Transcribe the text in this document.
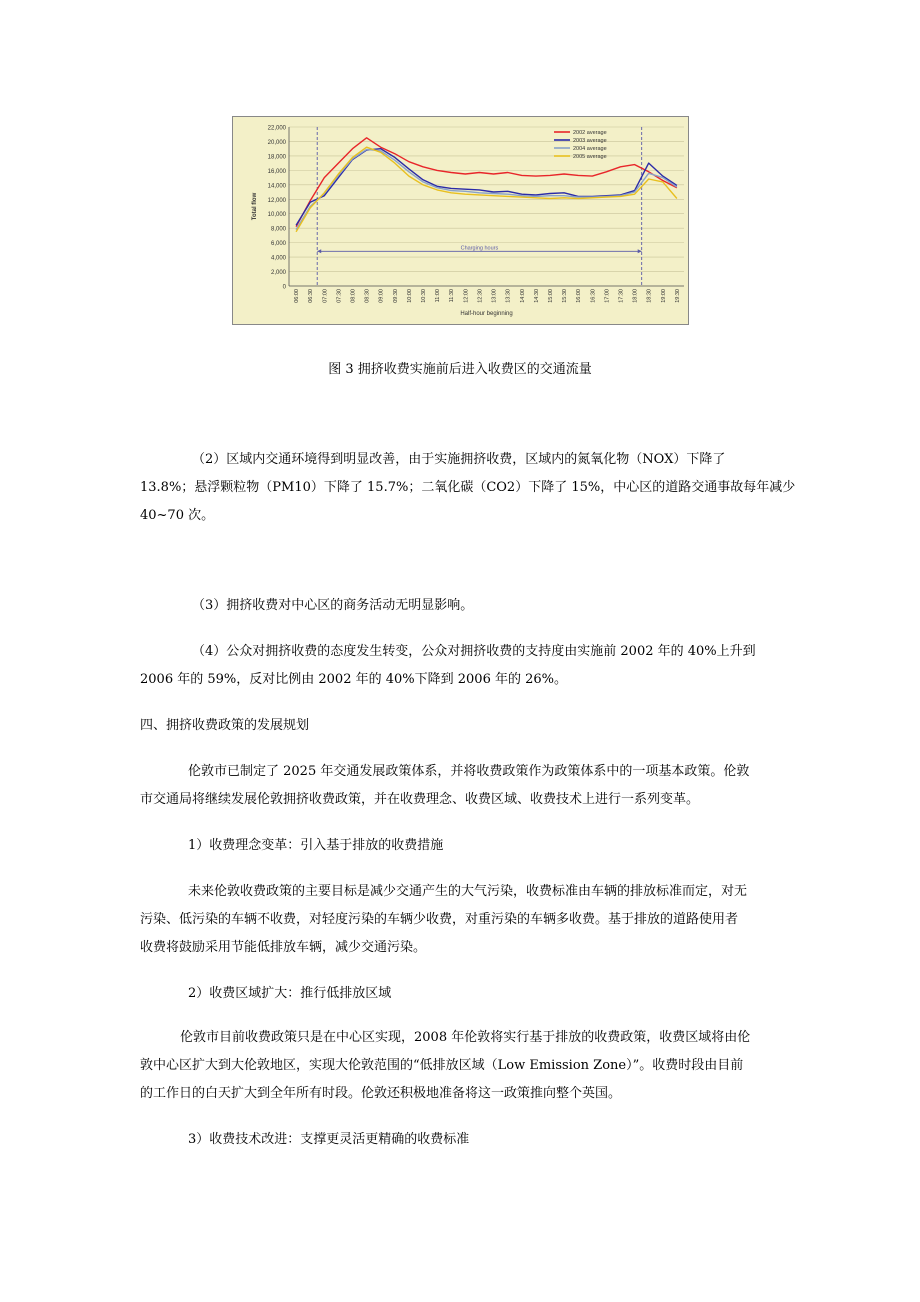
0
2,000
4,000
6,000
8,000
10,000
12,000
14,000
16,000
18,000
20,000
22,000
06:00 06:30 07:00 07:30 08:00 08:30 09:00 09:30 10:00 10:30 11:00 11:30 12:00 12:30 13:00 13:30 14:00 14:30 15:00 15:30 16:00 16:30 17:00 17:30 18:00 18:30 19:00 19:30
Total flow
Half-hour beginning
Charging hours
2002 average
2003 average
2004 average
2005 average
图 3 拥挤收费实施前后进入收费区的交通流量
（2）区域内交通环境得到明显改善，由于实施拥挤收费，区域内的氮氧化物（NOX）下降了
13.8%；悬浮颗粒物（PM10）下降了 15.7%；二氧化碳（CO2）下降了 15%，中心区的道路交通事故每年减少
40~70 次。
（3）拥挤收费对中心区的商务活动无明显影响。
（4）公众对拥挤收费的态度发生转变，公众对拥挤收费的支持度由实施前 2002 年的 40%上升到
2006 年的 59%，反对比例由 2002 年的 40%下降到 2006 年的 26%。
四、拥挤收费政策的发展规划
伦敦市已制定了 2025 年交通发展政策体系，并将收费政策作为政策体系中的一项基本政策。伦敦
市交通局将继续发展伦敦拥挤收费政策，并在收费理念、收费区域、收费技术上进行一系列变革。
1）收费理念变革：引入基于排放的收费措施
未来伦敦收费政策的主要目标是减少交通产生的大气污染，收费标准由车辆的排放标准而定，对无
污染、低污染的车辆不收费，对轻度污染的车辆少收费，对重污染的车辆多收费。基于排放的道路使用者
收费将鼓励采用节能低排放车辆，减少交通污染。
2）收费区域扩大：推行低排放区域
伦敦市目前收费政策只是在中心区实现，2008 年伦敦将实行基于排放的收费政策，收费区域将由伦
敦中心区扩大到大伦敦地区，实现大伦敦范围的“低排放区域（Low Emission Zone）”。收费时段由目前
的工作日的白天扩大到全年所有时段。伦敦还积极地准备将这一政策推向整个英国。
3）收费技术改进：支撑更灵活更精确的收费标准
